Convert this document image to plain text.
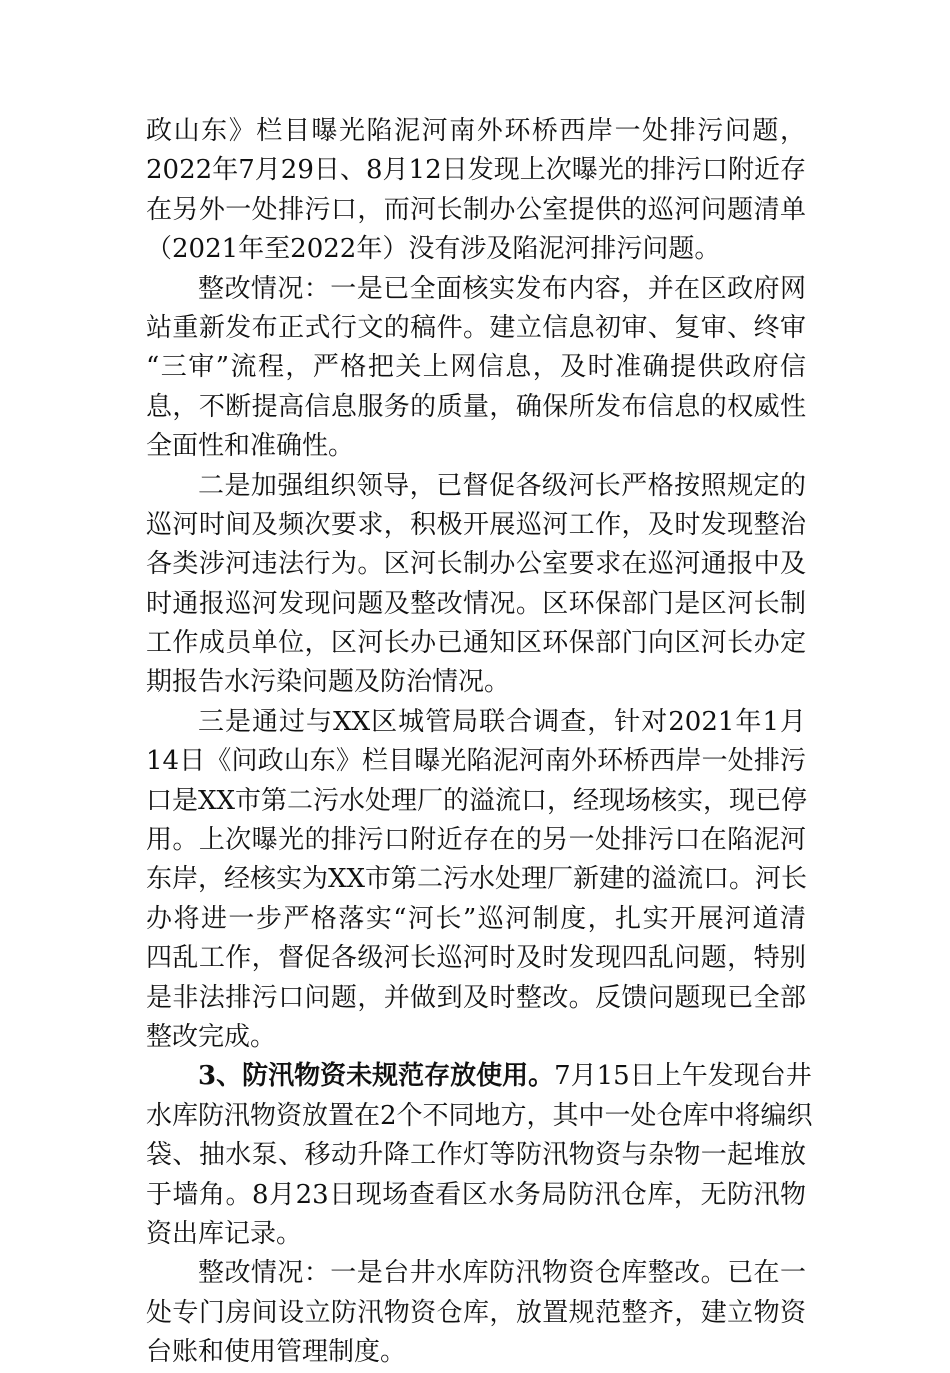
政山东》栏目曝光陷泥河南外环桥西岸一处排污问题，
2022年7月29日、8月12日发现上次曝光的排污口附近存
在另外一处排污口，而河长制办公室提供的巡河问题清单
（2021年至2022年）没有涉及陷泥河排污问题。
整改情况：一是已全面核实发布内容，并在区政府网
站重新发布正式行文的稿件。建立信息初审、复审、终审
“三审”流程，严格把关上网信息，及时准确提供政府信
息，不断提高信息服务的质量，确保所发布信息的权威性
全面性和准确性。
二是加强组织领导，已督促各级河长严格按照规定的
巡河时间及频次要求，积极开展巡河工作，及时发现整治
各类涉河违法行为。区河长制办公室要求在巡河通报中及
时通报巡河发现问题及整改情况。区环保部门是区河长制
工作成员单位，区河长办已通知区环保部门向区河长办定
期报告水污染问题及防治情况。
三是通过与XX区城管局联合调查，针对2021年1月
14日《问政山东》栏目曝光陷泥河南外环桥西岸一处排污
口是XX市第二污水处理厂的溢流口，经现场核实，现已停
用。上次曝光的排污口附近存在的另一处排污口在陷泥河
东岸，经核实为XX市第二污水处理厂新建的溢流口。河长
办将进一步严格落实“河长”巡河制度，扎实开展河道清
四乱工作，督促各级河长巡河时及时发现四乱问题，特别
是非法排污口问题，并做到及时整改。反馈问题现已全部
整改完成。
3、防汛物资未规范存放使用。7月15日上午发现台井
水库防汛物资放置在2个不同地方，其中一处仓库中将编织
袋、抽水泵、移动升降工作灯等防汛物资与杂物一起堆放
于墙角。8月23日现场查看区水务局防汛仓库，无防汛物
资出库记录。
整改情况：一是台井水库防汛物资仓库整改。已在一
处专门房间设立防汛物资仓库，放置规范整齐，建立物资
台账和使用管理制度。
